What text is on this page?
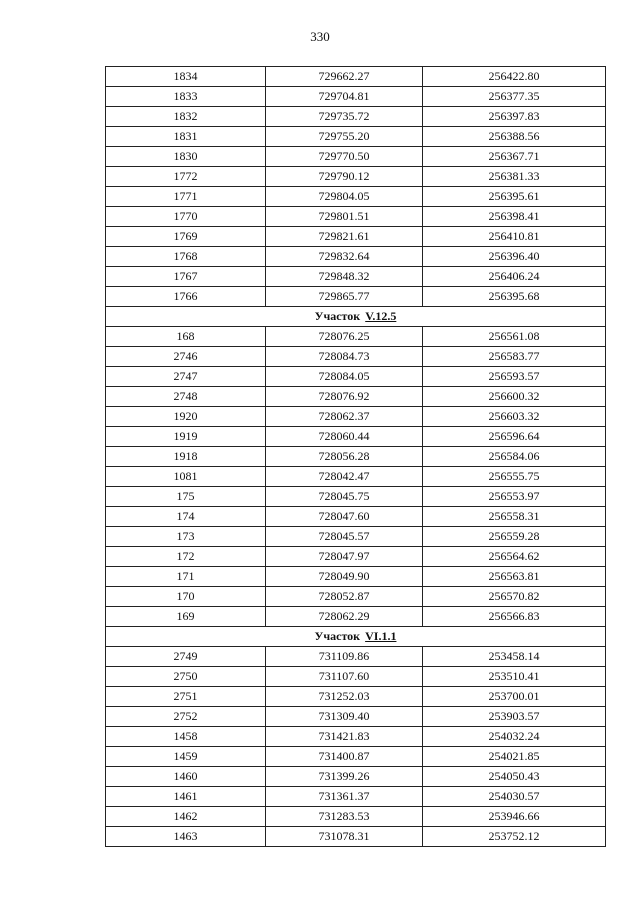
330
1834	729662.27	256422.80
1833	729704.81	256377.35
1832	729735.72	256397.83
1831	729755.20	256388.56
1830	729770.50	256367.71
1772	729790.12	256381.33
1771	729804.05	256395.61
1770	729801.51	256398.41
1769	729821.61	256410.81
1768	729832.64	256396.40
1767	729848.32	256406.24
1766	729865.77	256395.68
Участок V.12.5		
168	728076.25	256561.08
2746	728084.73	256583.77
2747	728084.05	256593.57
2748	728076.92	256600.32
1920	728062.37	256603.32
1919	728060.44	256596.64
1918	728056.28	256584.06
1081	728042.47	256555.75
175	728045.75	256553.97
174	728047.60	256558.31
173	728045.57	256559.28
172	728047.97	256564.62
171	728049.90	256563.81
170	728052.87	256570.82
169	728062.29	256566.83
Участок VI.1.1		
2749	731109.86	253458.14
2750	731107.60	253510.41
2751	731252.03	253700.01
2752	731309.40	253903.57
1458	731421.83	254032.24
1459	731400.87	254021.85
1460	731399.26	254050.43
1461	731361.37	254030.57
1462	731283.53	253946.66
1463	731078.31	253752.12
